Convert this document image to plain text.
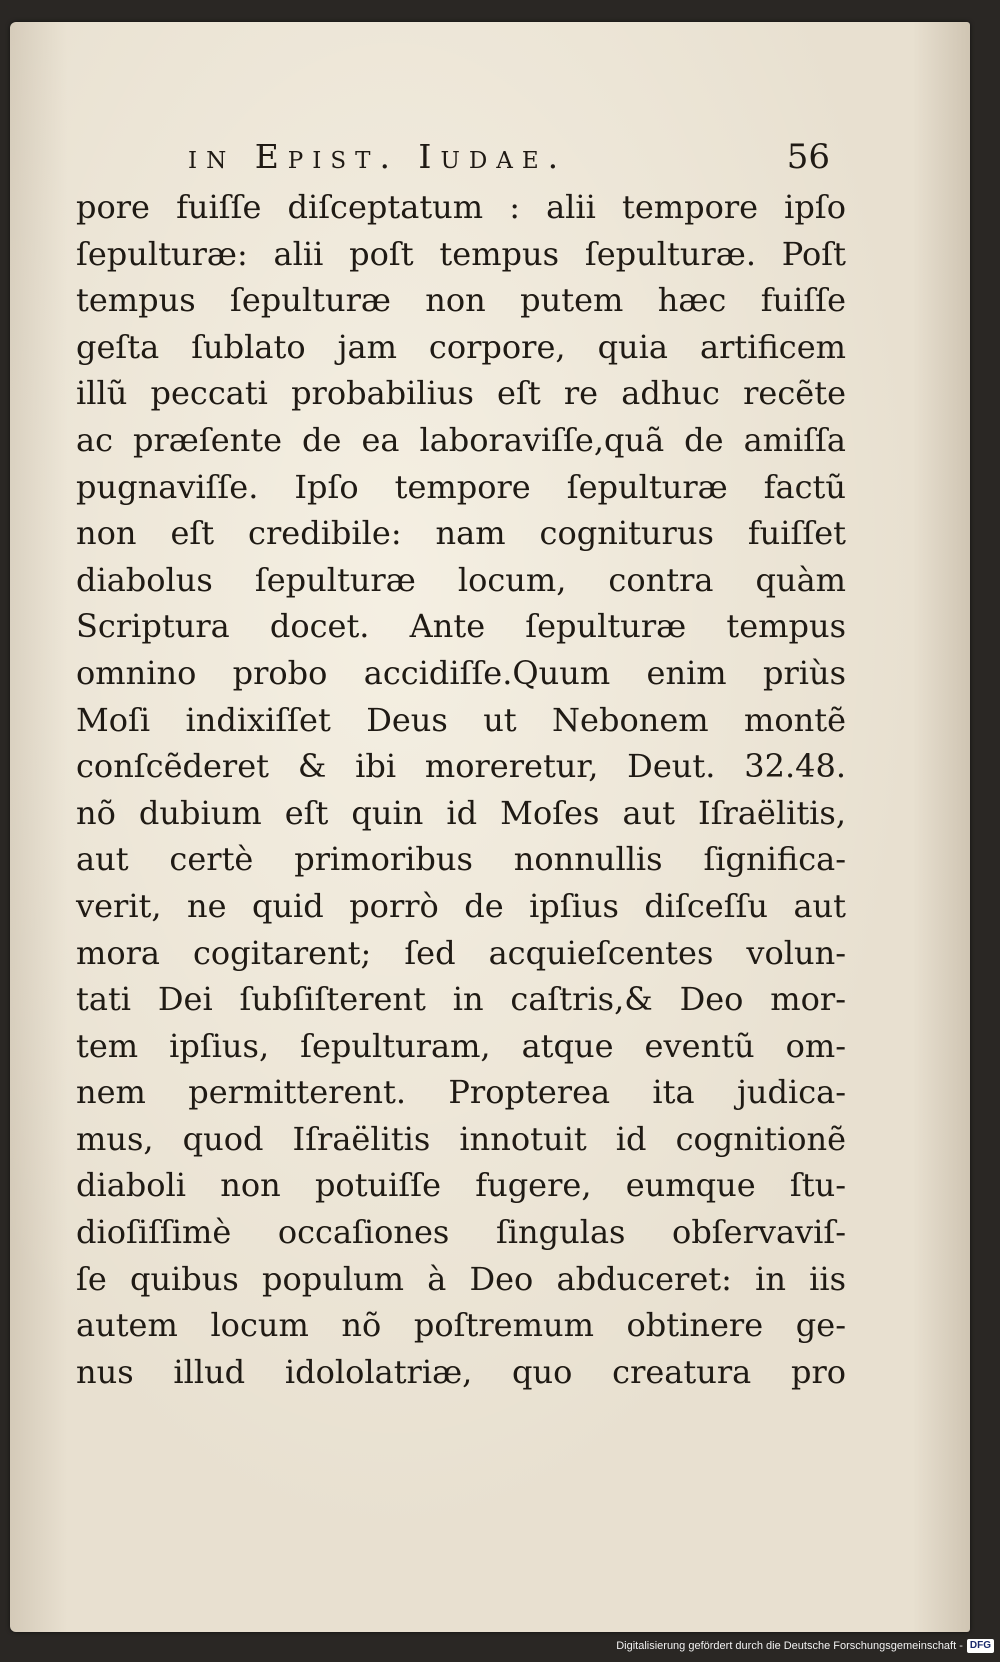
in Epist. Iudae.	56
pore fuiſſe diſceptatum : alii tempore ipſo
ſepulturæ: alii poſt tempus ſepulturæ. Poſt
tempus ſepulturæ non putem hæc fuiſſe
geſta ſublato jam corpore, quia artificem
illũ peccati probabilius eſt re adhuc recẽte
ac præſente de ea laboraviſſe,quã de amiſſa
pugnaviſſe. Ipſo tempore ſepulturæ factũ
non eſt credibile: nam cogniturus fuiſſet
diabolus ſepulturæ locum, contra quàm
Scriptura docet. Ante ſepulturæ tempus
omnino probo accidiſſe.Quum enim priùs
Moſi indixiſſet Deus ut Nebonem montẽ
conſcẽderet & ibi moreretur, Deut. 32.48.
nõ dubium eſt quin id Moſes aut Iſraëlitis,
aut certè primoribus nonnullis ſignifica-
verit, ne quid porrò de ipſius diſceſſu aut
mora cogitarent; ſed acquieſcentes volun-
tati Dei ſubſiſterent in caſtris,& Deo mor-
tem ipſius, ſepulturam, atque eventũ om-
nem permitterent. Propterea ita judica-
mus, quod Iſraëlitis innotuit id cognitionẽ
diaboli non potuiſſe fugere, eumque ſtu-
dioſiſſimè occaſiones ſingulas obſervaviſ-
ſe quibus populum à Deo abduceret: in iis
autem locum nõ poſtremum obtinere ge-
nus illud idololatriæ, quo creatura pro
Digitalisierung gefördert durch die Deutsche Forschungsgemeinschaft - DFG
